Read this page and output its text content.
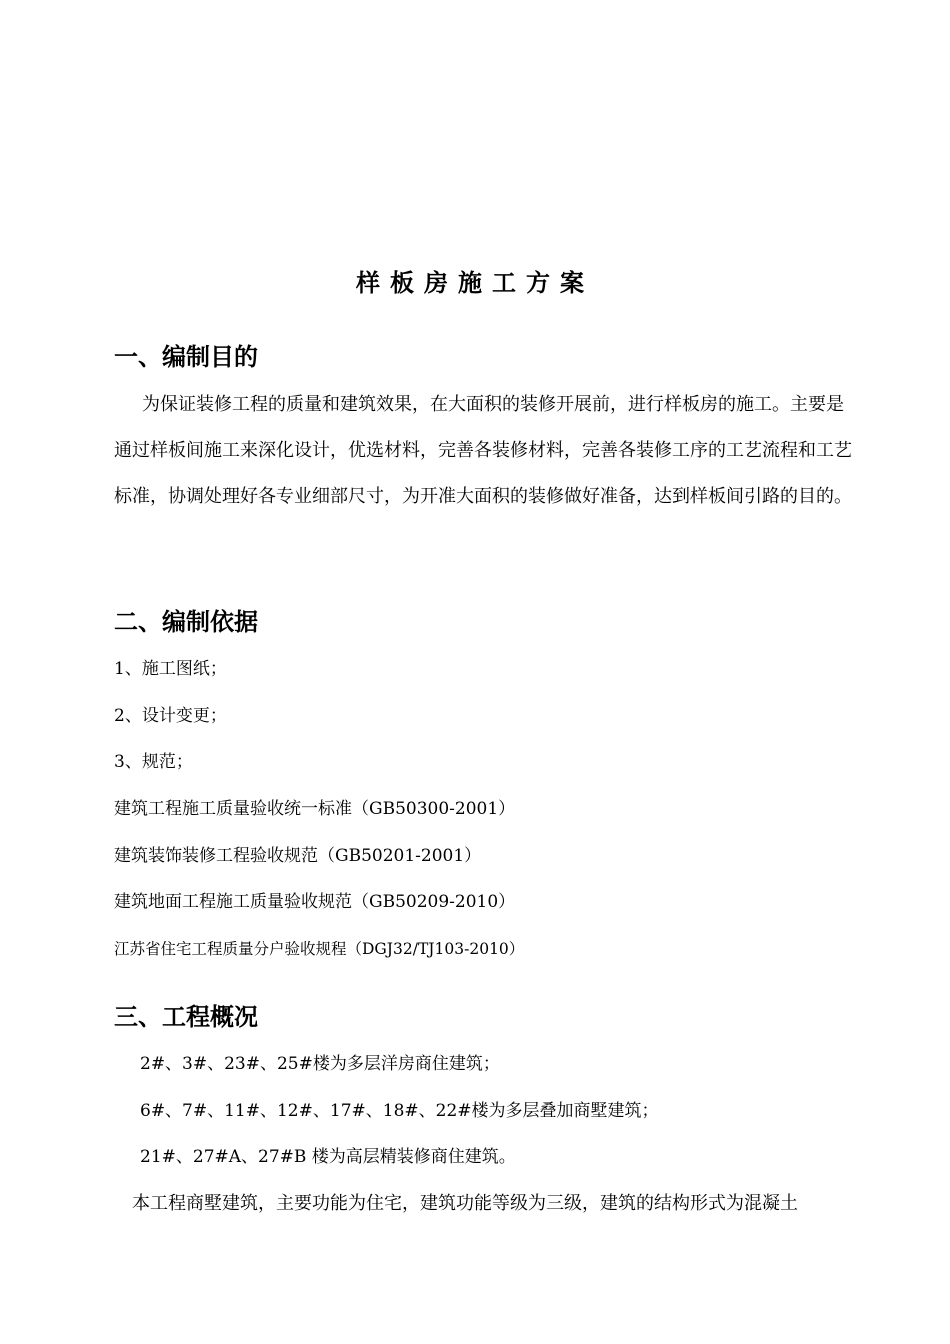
样板房施工方案
一、编制目的
为保证装修工程的质量和建筑效果，在大面积的装修开展前，进行样板房的施工。主要是通过样板间施工来深化设计，优选材料，完善各装修材料，完善各装修工序的工艺流程和工艺标准，协调处理好各专业细部尺寸，为开准大面积的装修做好准备，达到样板间引路的目的。
二、编制依据
1、施工图纸；
2、设计变更；
3、规范；
建筑工程施工质量验收统一标准（GB50300-2001）
建筑装饰装修工程验收规范（GB50201-2001）
建筑地面工程施工质量验收规范（GB50209-2010）
江苏省住宅工程质量分户验收规程（DGJ32/TJ103-2010）
三、工程概况
2#、3#、23#、25#楼为多层洋房商住建筑；
6#、7#、11#、12#、17#、18#、22#楼为多层叠加商墅建筑；
21#、27#A、27#B 楼为高层精装修商住建筑。
本工程商墅建筑，主要功能为住宅，建筑功能等级为三级，建筑的结构形式为混凝土
